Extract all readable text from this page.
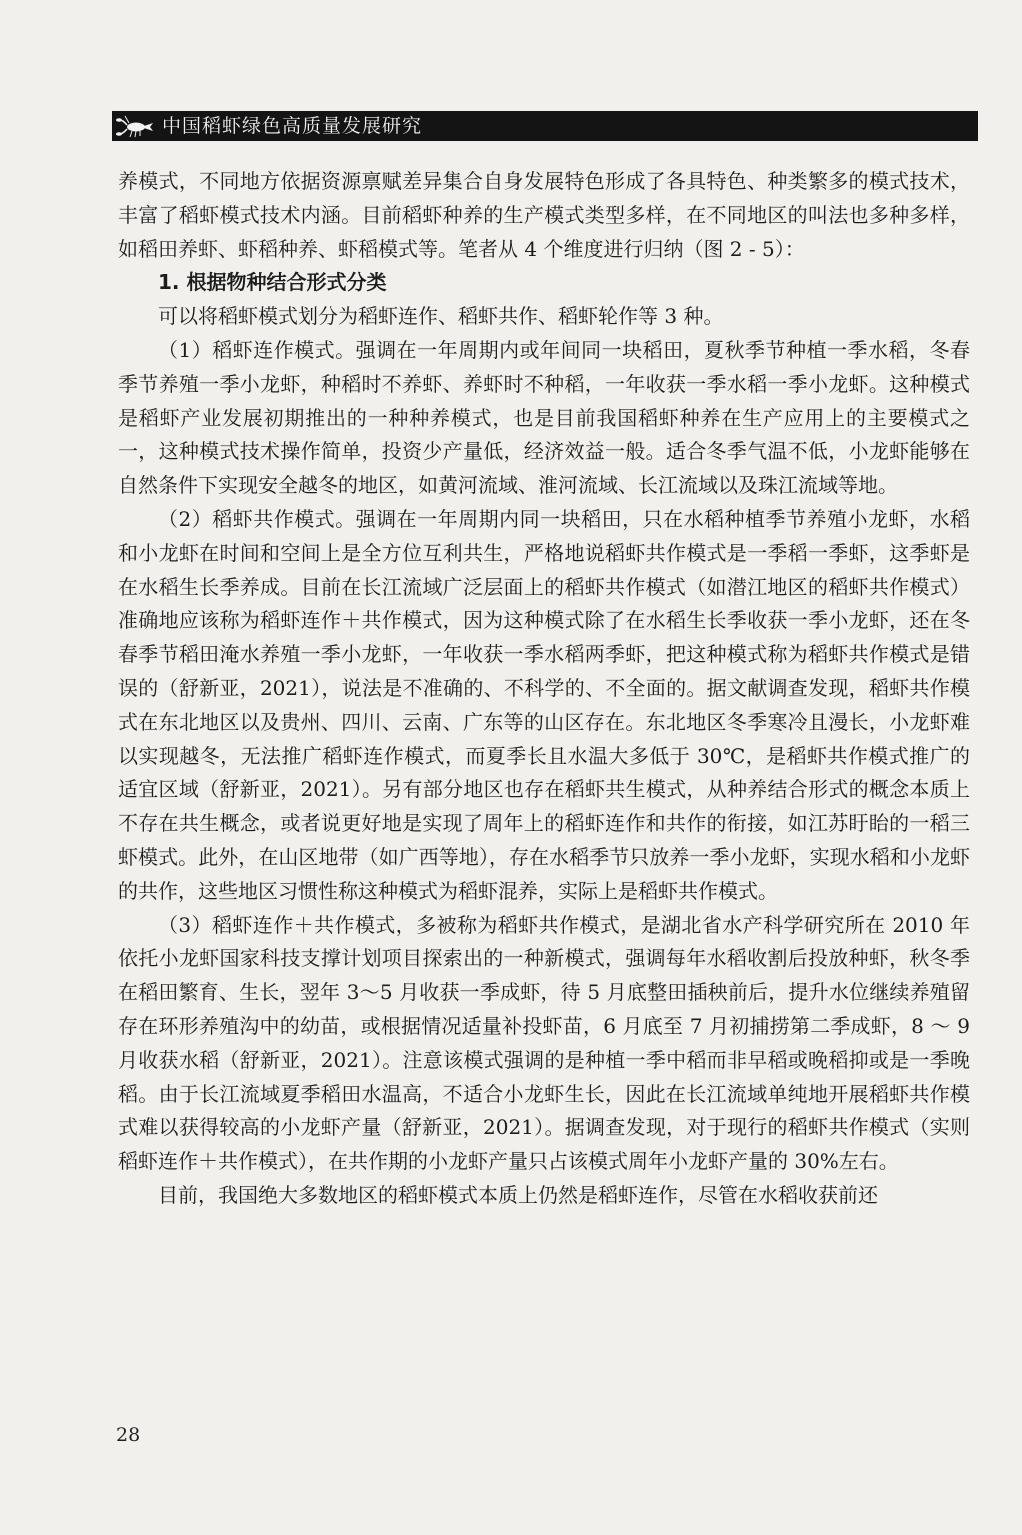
中国稻虾绿色高质量发展研究

养模式，不同地方依据资源禀赋差异集合自身发展特色形成了各具特色、种类繁多的模式技术，丰富了稻虾模式技术内涵。目前稻虾种养的生产模式类型多样，在不同地区的叫法也多种多样，如稻田养虾、虾稻种养、虾稻模式等。笔者从 4 个维度进行归纳（图 2 - 5）：

1. 根据物种结合形式分类

可以将稻虾模式划分为稻虾连作、稻虾共作、稻虾轮作等 3 种。

（1）稻虾连作模式。强调在一年周期内或年间同一块稻田，夏秋季节种植一季水稻，冬春季节养殖一季小龙虾，种稻时不养虾、养虾时不种稻，一年收获一季水稻一季小龙虾。这种模式是稻虾产业发展初期推出的一种种养模式，也是目前我国稻虾种养在生产应用上的主要模式之一，这种模式技术操作简单，投资少产量低，经济效益一般。适合冬季气温不低，小龙虾能够在自然条件下实现安全越冬的地区，如黄河流域、淮河流域、长江流域以及珠江流域等地。

（2）稻虾共作模式。强调在一年周期内同一块稻田，只在水稻种植季节养殖小龙虾，水稻和小龙虾在时间和空间上是全方位互利共生，严格地说稻虾共作模式是一季稻一季虾，这季虾是在水稻生长季养成。目前在长江流域广泛层面上的稻虾共作模式（如潜江地区的稻虾共作模式）准确地应该称为稻虾连作＋共作模式，因为这种模式除了在水稻生长季收获一季小龙虾，还在冬春季节稻田淹水养殖一季小龙虾，一年收获一季水稻两季虾，把这种模式称为稻虾共作模式是错误的（舒新亚，2021），说法是不准确的、不科学的、不全面的。据文献调查发现，稻虾共作模式在东北地区以及贵州、四川、云南、广东等的山区存在。东北地区冬季寒冷且漫长，小龙虾难以实现越冬，无法推广稻虾连作模式，而夏季长且水温大多低于 30℃，是稻虾共作模式推广的适宜区域（舒新亚，2021）。另有部分地区也存在稻虾共生模式，从种养结合形式的概念本质上不存在共生概念，或者说更好地是实现了周年上的稻虾连作和共作的衔接，如江苏盱眙的一稻三虾模式。此外，在山区地带（如广西等地），存在水稻季节只放养一季小龙虾，实现水稻和小龙虾的共作，这些地区习惯性称这种模式为稻虾混养，实际上是稻虾共作模式。

（3）稻虾连作＋共作模式，多被称为稻虾共作模式，是湖北省水产科学研究所在 2010 年依托小龙虾国家科技支撑计划项目探索出的一种新模式，强调每年水稻收割后投放种虾，秋冬季在稻田繁育、生长，翌年 3～5 月收获一季成虾，待 5 月底整田插秧前后，提升水位继续养殖留存在环形养殖沟中的幼苗，或根据情况适量补投虾苗，6 月底至 7 月初捕捞第二季成虾，8 ～ 9 月收获水稻（舒新亚，2021）。注意该模式强调的是种植一季中稻而非早稻或晚稻抑或是一季晚稻。由于长江流域夏季稻田水温高，不适合小龙虾生长，因此在长江流域单纯地开展稻虾共作模式难以获得较高的小龙虾产量（舒新亚，2021）。据调查发现，对于现行的稻虾共作模式（实则稻虾连作＋共作模式），在共作期的小龙虾产量只占该模式周年小龙虾产量的 30%左右。

目前，我国绝大多数地区的稻虾模式本质上仍然是稻虾连作，尽管在水稻收获前还

28
